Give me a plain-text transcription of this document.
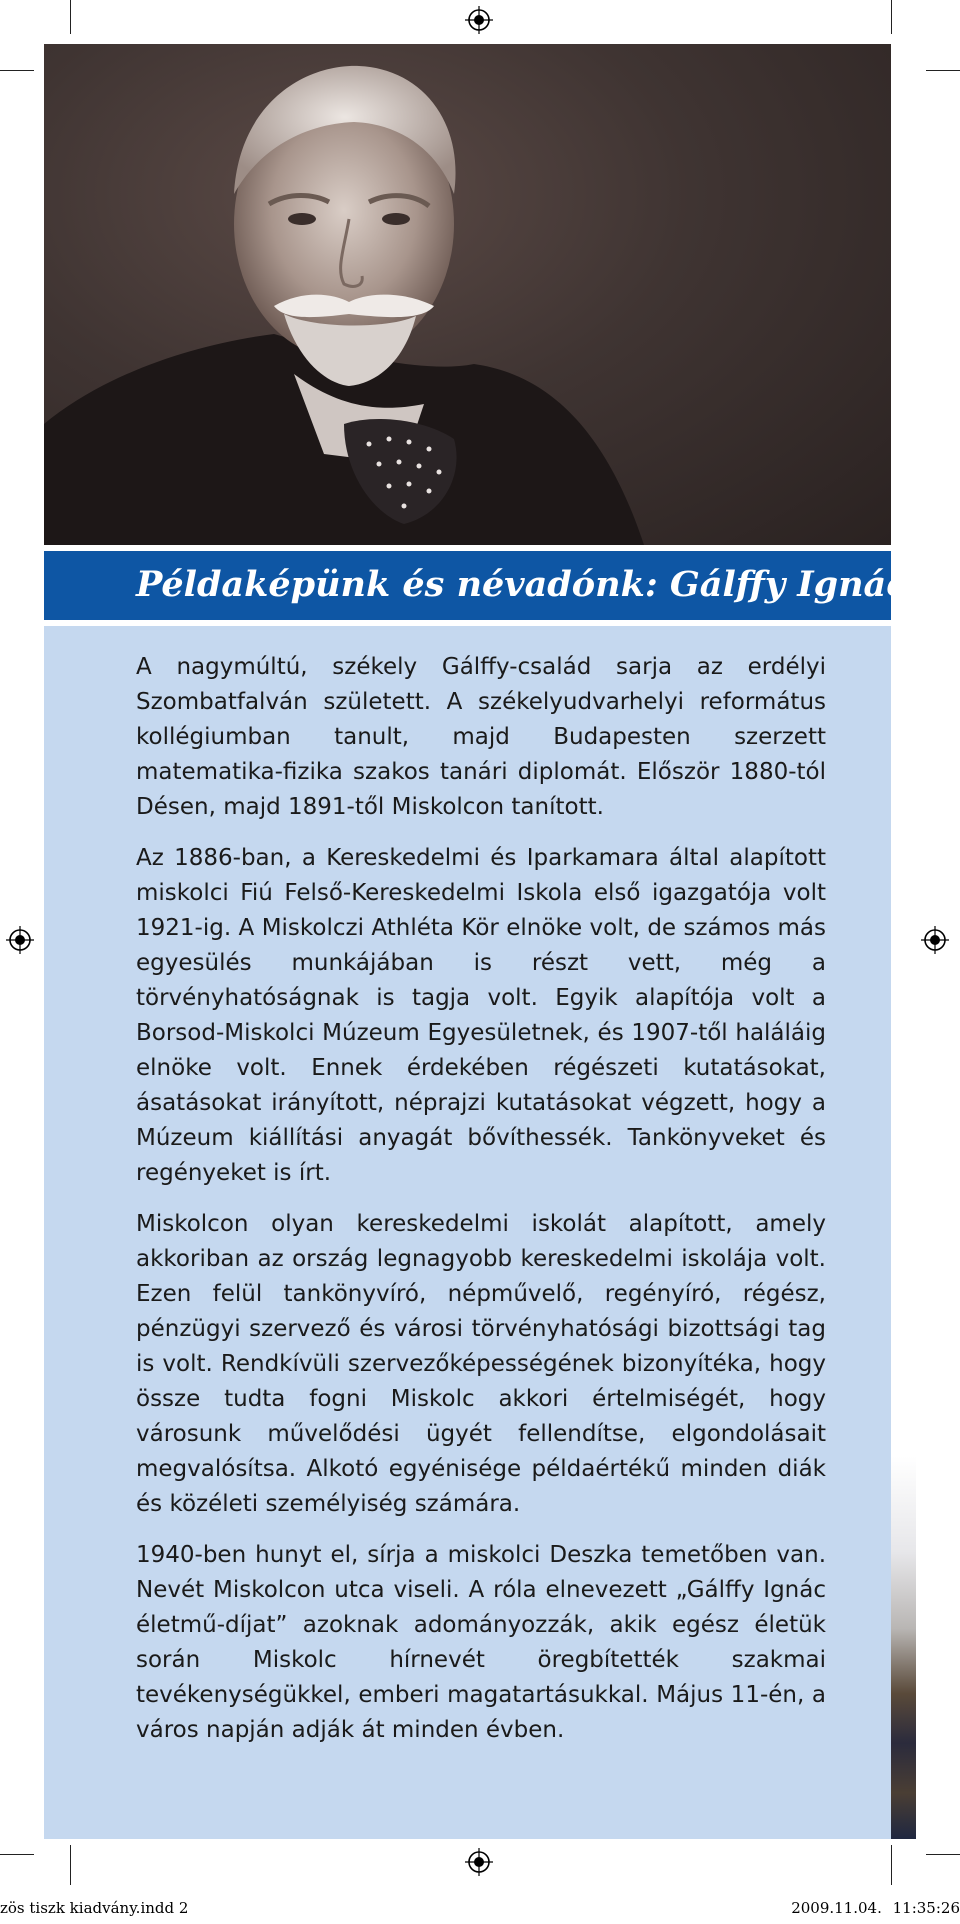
Példaképünk és névadónk: Gálffy Ignác

A nagymúltú, székely Gálffy-család sarja az erdélyi Szombatfalván született. A székelyudvarhelyi református kollégiumban tanult, majd Budapesten szerzett matematika-fizika szakos tanári diplomát. Először 1880-tól Désen, majd 1891-től Miskolcon tanított.

Az 1886-ban, a Kereskedelmi és Iparkamara által alapított miskolci Fiú Felső-Kereskedelmi Iskola első igazgatója volt 1921-ig. A Miskolczi Athléta Kör elnöke volt, de számos más egyesülés munkájában is részt vett, még a törvényhatóságnak is tagja volt. Egyik alapítója volt a Borsod-Miskolci Múzeum Egyesületnek, és 1907-től haláláig elnöke volt. Ennek érdekében régészeti kutatásokat, ásatásokat irányított, néprajzi kutatásokat végzett, hogy a Múzeum kiállítási anyagát bővíthessék. Tankönyveket és regényeket is írt.

Miskolcon olyan kereskedelmi iskolát alapított, amely akkoriban az ország legnagyobb kereskedelmi iskolája volt. Ezen felül tankönyvíró, népművelő, regényíró, régész, pénzügyi szervező és városi törvényhatósági bizottsági tag is volt. Rendkívüli szervezőképességének bizonyítéka, hogy össze tudta fogni Miskolc akkori értelmiségét, hogy városunk művelődési ügyét fellendítse, elgondolásait megvalósítsa. Alkotó egyénisége példaértékű minden diák és közéleti személyiség számára.

1940-ben hunyt el, sírja a miskolci Deszka temetőben van. Nevét Miskolcon utca viseli. A róla elnevezett „Gálffy Ignác életmű-díjat” azoknak adományozzák, akik egész életük során Miskolc hírnevét öregbítették szakmai tevékenységükkel, emberi magatartásukkal. Május 11-én, a város napján adják át minden évben.

zös tiszk kiadvány.indd 2	2009.11.04. 11:35:26
